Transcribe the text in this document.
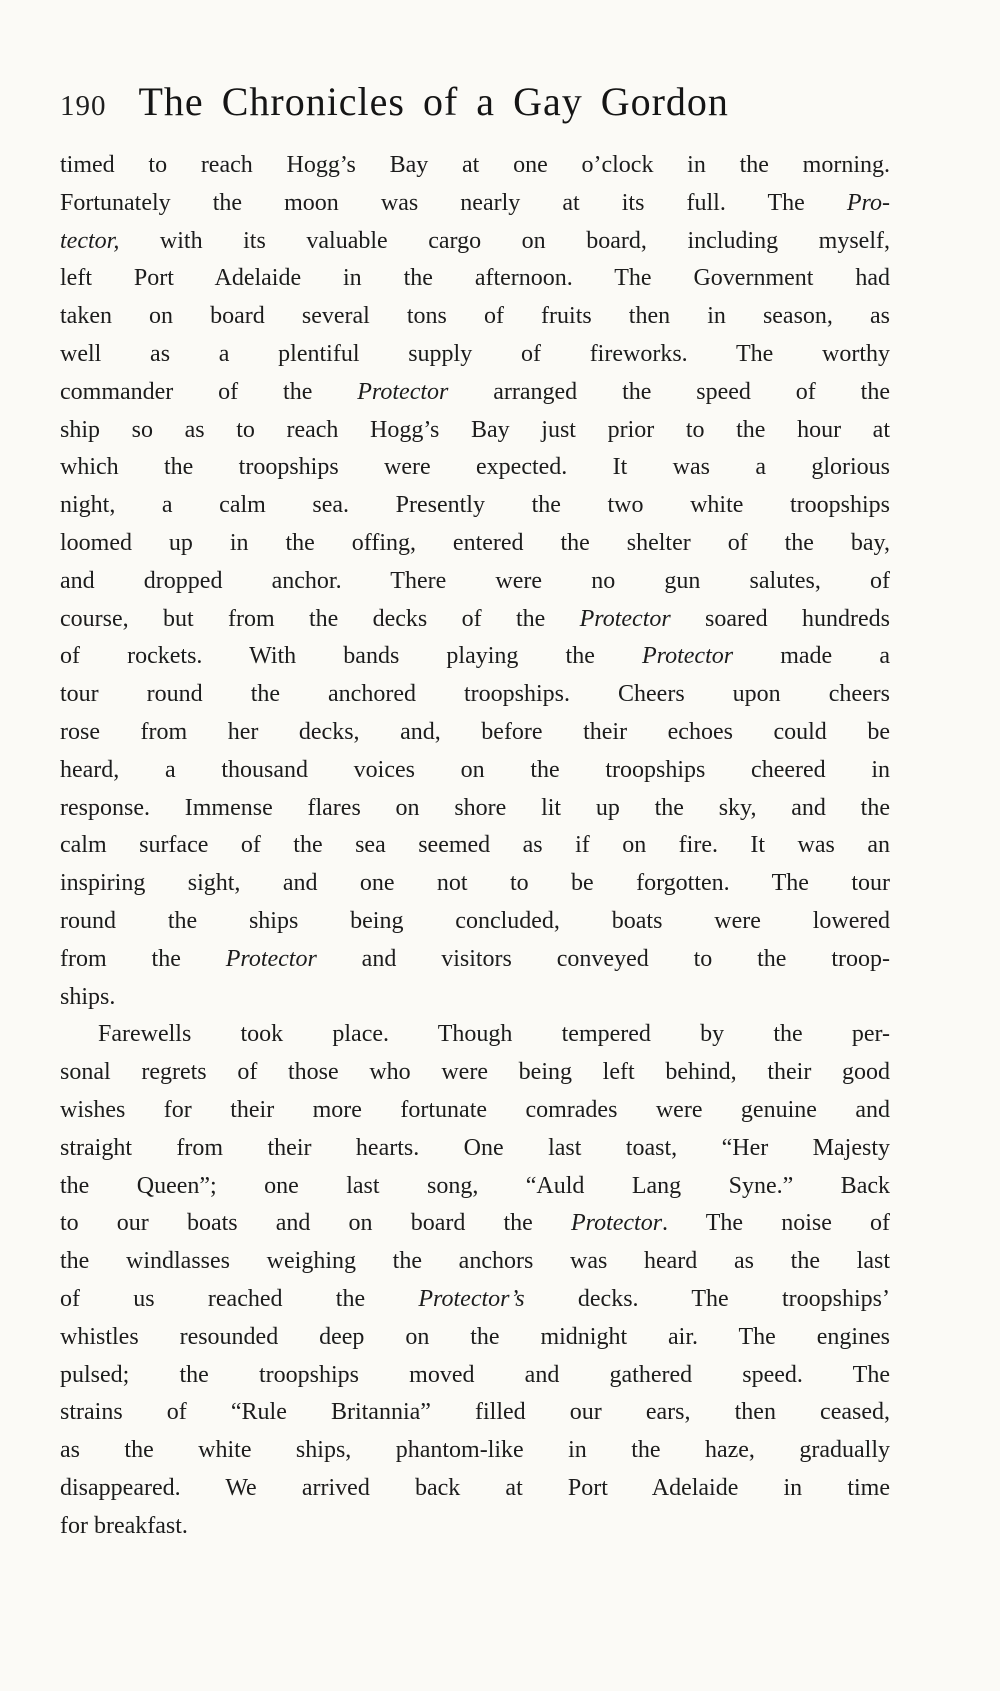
190 The Chronicles of a Gay Gordon
timed to reach Hogg’s Bay at one o’clock in the morning.
Fortunately the moon was nearly at its full. The Pro-
tector, with its valuable cargo on board, including myself,
left Port Adelaide in the afternoon. The Government had
taken on board several tons of fruits then in season, as
well as a plentiful supply of fireworks. The worthy
commander of the Protector arranged the speed of the
ship so as to reach Hogg’s Bay just prior to the hour at
which the troopships were expected. It was a glorious
night, a calm sea. Presently the two white troopships
loomed up in the offing, entered the shelter of the bay,
and dropped anchor. There were no gun salutes, of
course, but from the decks of the Protector soared hundreds
of rockets. With bands playing the Protector made a
tour round the anchored troopships. Cheers upon cheers
rose from her decks, and, before their echoes could be
heard, a thousand voices on the troopships cheered in
response. Immense flares on shore lit up the sky, and the
calm surface of the sea seemed as if on fire. It was an
inspiring sight, and one not to be forgotten. The tour
round the ships being concluded, boats were lowered
from the Protector and visitors conveyed to the troop-
ships.
Farewells took place. Though tempered by the per-
sonal regrets of those who were being left behind, their good
wishes for their more fortunate comrades were genuine and
straight from their hearts. One last toast, “Her Majesty
the Queen”; one last song, “Auld Lang Syne.” Back
to our boats and on board the Protector. The noise of
the windlasses weighing the anchors was heard as the last
of us reached the Protector’s decks. The troopships’
whistles resounded deep on the midnight air. The engines
pulsed; the troopships moved and gathered speed. The
strains of “Rule Britannia” filled our ears, then ceased,
as the white ships, phantom-like in the haze, gradually
disappeared. We arrived back at Port Adelaide in time
for breakfast.
